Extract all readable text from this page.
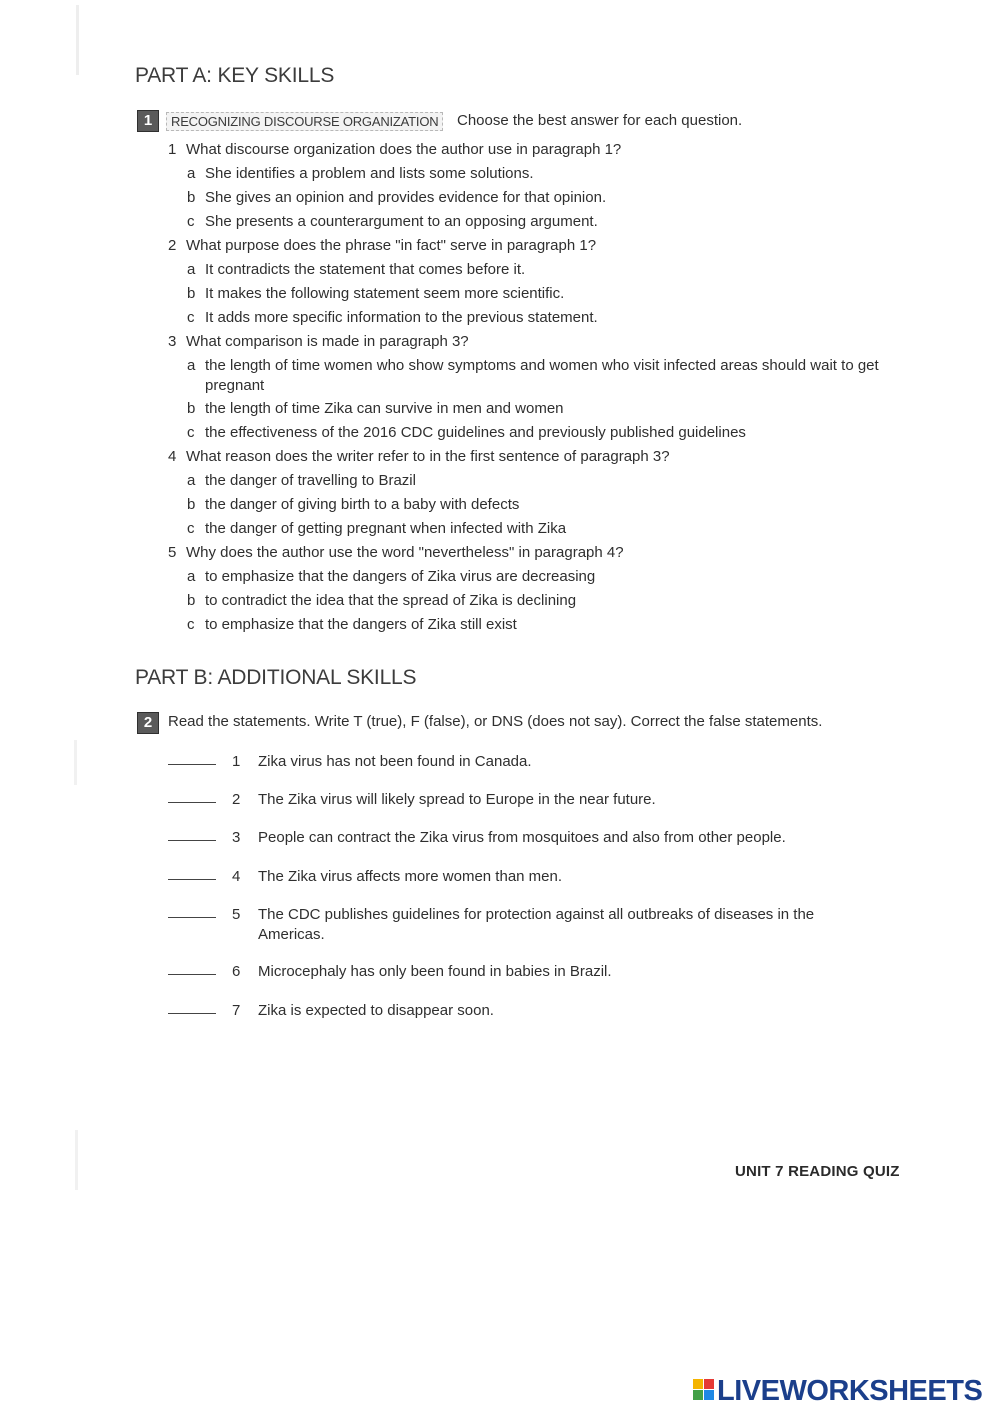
PART A: KEY SKILLS
1	RECOGNIZING DISCOURSE ORGANIZATION	Choose the best answer for each question.
1 What discourse organization does the author use in paragraph 1?
a She identifies a problem and lists some solutions.
b She gives an opinion and provides evidence for that opinion.
c She presents a counterargument to an opposing argument.
2 What purpose does the phrase "in fact" serve in paragraph 1?
a It contradicts the statement that comes before it.
b It makes the following statement seem more scientific.
c It adds more specific information to the previous statement.
3 What comparison is made in paragraph 3?
a the length of time women who show symptoms and women who visit infected areas should wait to get pregnant
b the length of time Zika can survive in men and women
c the effectiveness of the 2016 CDC guidelines and previously published guidelines
4 What reason does the writer refer to in the first sentence of paragraph 3?
a the danger of travelling to Brazil
b the danger of giving birth to a baby with defects
c the danger of getting pregnant when infected with Zika
5 Why does the author use the word "nevertheless" in paragraph 4?
a to emphasize that the dangers of Zika virus are decreasing
b to contradict the idea that the spread of Zika is declining
c to emphasize that the dangers of Zika still exist
PART B: ADDITIONAL SKILLS
2	Read the statements. Write T (true), F (false), or DNS (does not say). Correct the false statements.
1 Zika virus has not been found in Canada.
2 The Zika virus will likely spread to Europe in the near future.
3 People can contract the Zika virus from mosquitoes and also from other people.
4 The Zika virus affects more women than men.
5 The CDC publishes guidelines for protection against all outbreaks of diseases in the Americas.
6 Microcephaly has only been found in babies in Brazil.
7 Zika is expected to disappear soon.
UNIT 7 READING QUIZ
LIVEWORKSHEETS
